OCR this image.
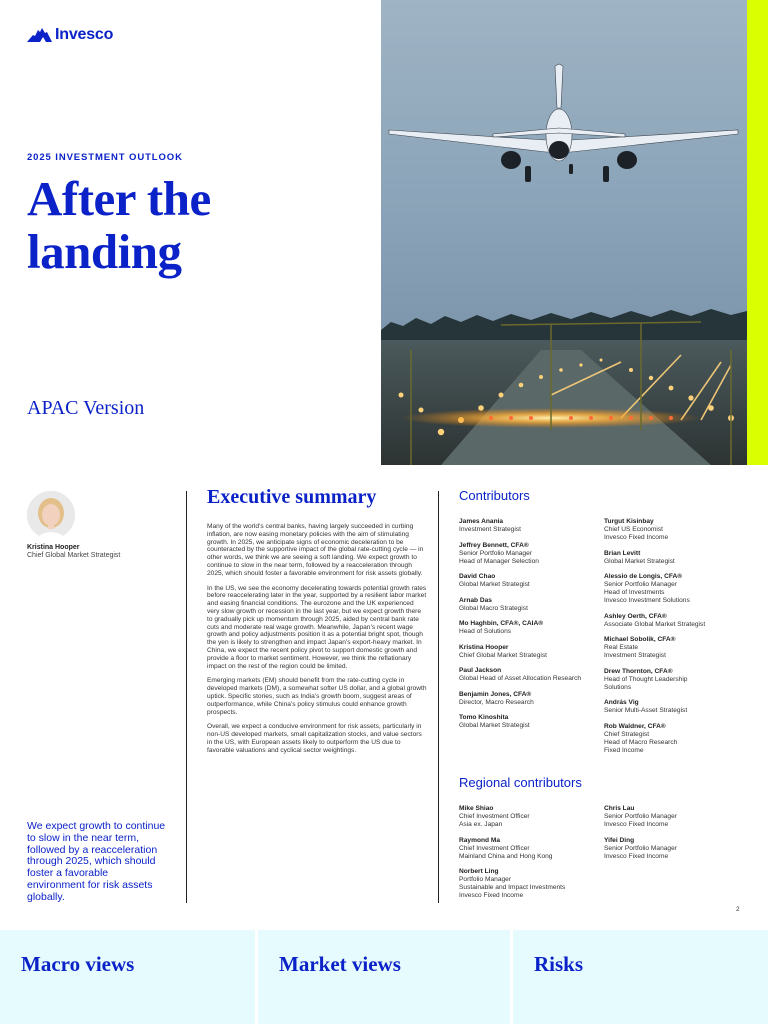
Invesco
2025 INVESTMENT OUTLOOK
After the landing
APAC Version
Kristina Hooper
Chief Global Market Strategist
We expect growth to continue to slow in the near term, followed by a reacceleration through 2025, which should foster a favorable environment for risk assets globally.
Executive summary

Many of the world’s central banks, having largely succeeded in curbing inflation, are now easing monetary policies with the aim of stimulating growth. In 2025, we anticipate signs of economic deceleration to be counteracted by the supportive impact of the global rate-cutting cycle — in other words, we think we are seeing a soft landing. We expect growth to continue to slow in the near term, followed by a reacceleration through 2025, which should foster a favorable environment for risk assets globally.

In the US, we see the economy decelerating towards potential growth rates before reaccelerating later in the year, supported by a resilient labor market and easing financial conditions. The eurozone and the UK experienced very slow growth or recession in the last year, but we expect growth there to gradually pick up momentum through 2025, aided by central bank rate cuts and moderate real wage growth. Meanwhile, Japan’s recent wage growth and policy adjustments position it as a potential bright spot, though the yen is likely to strengthen and impact Japan’s export-heavy market. In China, we expect the recent policy pivot to support domestic growth and provide a floor to market sentiment. However, we think the reflationary impact on the rest of the region could be limited.

Emerging markets (EM) should benefit from the rate-cutting cycle in developed markets (DM), a somewhat softer US dollar, and a global growth uptick. Specific stories, such as India’s growth boom, suggest areas of outperformance, while China’s policy stimulus could enhance growth prospects.

Overall, we expect a conducive environment for risk assets, particularly in non-US developed markets, small capitalization stocks, and value sectors in the US, with European assets likely to outperform the US due to favorable valuations and cyclical sector weightings.

Contributors
James Anania
Investment Strategist
Jeffrey Bennett, CFA®
Senior Portfolio Manager
Head of Manager Selection
David Chao
Global Market Strategist
Arnab Das
Global Macro Strategist
Mo Haghbin, CFA®, CAIA®
Head of Solutions
Kristina Hooper
Chief Global Market Strategist
Paul Jackson
Global Head of Asset Allocation Research
Benjamin Jones, CFA®
Director, Macro Research
Tomo Kinoshita
Global Market Strategist
Turgut Kisinbay
Chief US Economist
Invesco Fixed Income
Brian Levitt
Global Market Strategist
Alessio de Longis, CFA®
Senior Portfolio Manager
Head of Investments
Invesco Investment Solutions
Ashley Oerth, CFA®
Associate Global Market Strategist
Michael Sobolik, CFA®
Real Estate
Investment Strategist
Drew Thornton, CFA®
Head of Thought Leadership
Solutions
András Vig
Senior Multi-Asset Strategist
Rob Waldner, CFA®
Chief Strategist
Head of Macro Research
Fixed Income
Regional contributors
Mike Shiao
Chief Investment Officer
Asia ex. Japan
Raymond Ma
Chief Investment Officer
Mainland China and Hong Kong
Norbert Ling
Portfolio Manager
Sustainable and Impact Investments
Invesco Fixed Income
Chris Lau
Senior Portfolio Manager
Invesco Fixed Income
Yifei Ding
Senior Portfolio Manager
Invesco Fixed Income
2
Macro views	Market views	Risks
